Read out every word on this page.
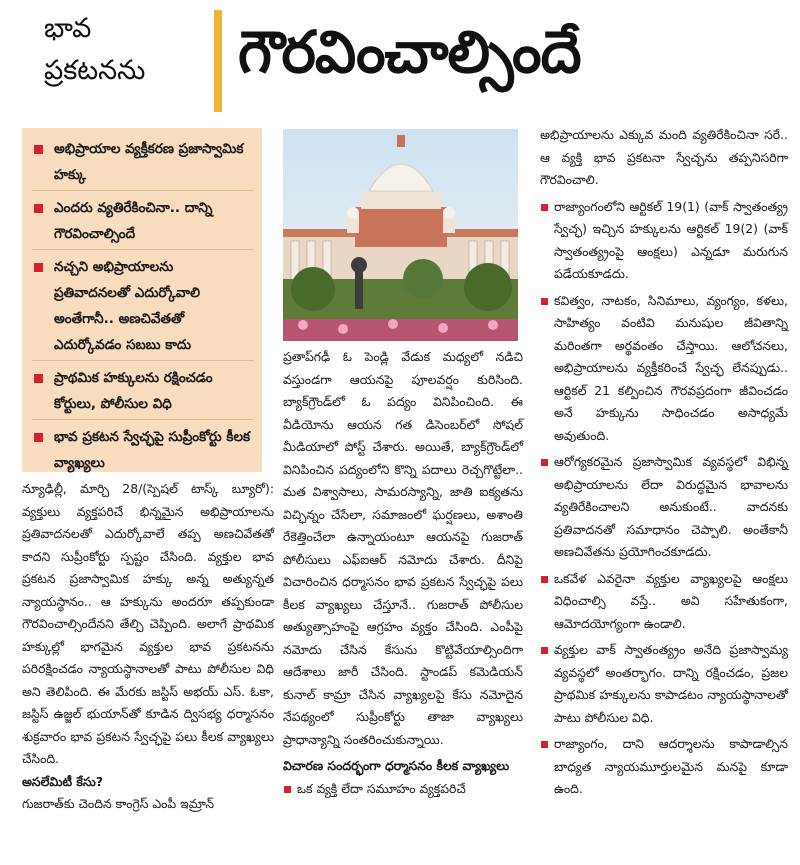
భావ
ప్రకటనను	గౌరవించాల్సిందే
అభిప్రాయాల వ్యక్తీకరణ ప్రజాస్వామిక హక్కు
ఎందరు వ్యతిరేకించినా.. దాన్ని గౌరవించాల్సిందే
నచ్చని అభిప్రాయాలను ప్రతివాదనలతో ఎదుర్కోవాలి అంతేగానీ.. అణచివేతతో ఎదుర్కోవడం సబబు కాదు
ప్రాథమిక హక్కులను రక్షించడం కోర్టులు, పోలీసుల విధి
భావ ప్రకటన స్వేచ్ఛపై సుప్రీంకోర్టు కీలక వ్యాఖ్యలు

న్యూఢిల్లీ, మార్చి 28/(స్పెషల్ టాస్క్ బ్యూరో): వ్యక్తులు వ్యక్తపరిచే భిన్నమైన అభిప్రాయాలను ప్రతివాదనలతో ఎదుర్కోవాలే తప్ప అణచివేతతో కాదని సుప్రీంకోర్టు స్పష్టం చేసింది. వ్యక్తుల భావ ప్రకటన ప్రజాస్వామిక హక్కు అన్న అత్యున్నత న్యాయస్థానం.. ఆ హక్కును అందరూ తప్పకుండా గౌరవించాల్సిందేనని తేల్చి చెప్పింది. అలాగే ప్రాథమిక హక్కుల్లో భాగమైన వ్యక్తుల భావ ప్రకటనను పరిరక్షించడం న్యాయస్థానాలతో పాటు పోలీసుల విధి అని తెలిపింది. ఈ మేరకు జస్టిస్ అభయ్ ఎస్. ఓకా, జస్టిస్ ఉజ్జల్ భుయాన్‌తో కూడిన ద్విసభ్య ధర్మాసనం శుక్రవారం భావ ప్రకటన స్వేచ్ఛపై పలు కీలక వ్యాఖ్యలు చేసింది.

అసలేమిటీ కేసు?

గుజరాత్‌కు చెందిన కాంగ్రెస్ ఎంపీ ఇమ్రాన్

ప్రతాప్‌గఢీ ఓ పెండ్లి వేడుక మధ్యలో నడిచి వస్తుండగా ఆయనపై పూలవర్షం కురిసింది. బ్యాక్‌గ్రౌండ్‌లో ఓ పద్యం వినిపించింది. ఈ వీడియోను ఆయన గత డిసెంబర్‌లో సోషల్ మీడియాలో పోస్ట్ చేశారు. అయితే, బ్యాక్‌గ్రౌండ్‌లో వినిపించిన పద్యంలోని కొన్ని పదాలు రెచ్చగొట్టేలా.. మత విశ్వాసాలు, సామరస్యాన్ని, జాతి ఐక్యతను విచ్ఛిన్నం చేసేలా, సమాజంలో ఘర్షణలు, అశాంతి రేకెత్తించేలా ఉన్నాయంటూ ఆయనపై గుజరాత్ పోలీసులు ఎఫ్‌ఐఆర్ నమోదు చేశారు. దీనిపై విచారించిన ధర్మాసనం భావ ప్రకటన స్వేచ్ఛపై పలు కీలక వ్యాఖ్యలు చేస్తూనే.. గుజరాత్ పోలీసుల అత్యుత్సాహంపై ఆగ్రహం వ్యక్తం చేసింది. ఎంపీపై నమోదు చేసిన కేసును కొట్టివేయాల్సిందిగా ఆదేశాలు జారీ చేసింది. స్టాండప్ కమెడియన్ కునాల్ కామ్రా చేసిన వ్యాఖ్యలపై కేసు నమోదైన నేపథ్యంలో సుప్రీంకోర్టు తాజా వ్యాఖ్యలు ప్రాధాన్యాన్ని సంతరించుకున్నాయి.

విచారణ సందర్భంగా ధర్మాసనం కీలక వ్యాఖ్యలు

ఒక వ్యక్తి లేదా సమూహం వ్యక్తపరిచే

అభిప్రాయాలను ఎక్కువ మంది వ్యతిరేకించినా సరే.. ఆ వ్యక్తి భావ ప్రకటనా స్వేచ్ఛను తప్పనిసరిగా గౌరవించాలి.

రాజ్యాంగంలోని ఆర్టికల్ 19(1) (వాక్ స్వాతంత్య్ర స్వేచ్ఛ) ఇచ్చిన హక్కులను ఆర్టికల్ 19(2) (వాక్ స్వాతంత్య్రంపై ఆంక్షలు) ఎన్నడూ మరుగున పడేయకూడదు.

కవిత్వం, నాటకం, సినిమాలు, వ్యంగ్యం, కళలు, సాహిత్యం వంటివి మనుషుల జీవితాన్ని మరింతగా అర్థవంతం చేస్తాయి. ఆలోచనలు, అభిప్రాయాలను వ్యక్తీకరించే స్వేచ్ఛ లేనప్పుడు.. ఆర్టికల్ 21 కల్పించిన గౌరవప్రదంగా జీవించడం అనే హక్కును సాధించడం అసాధ్యమే అవుతుంది.

ఆరోగ్యకరమైన ప్రజాస్వామిక వ్యవస్థలో విభిన్న అభిప్రాయాలను లేదా విరుద్ధమైన భావాలను వ్యతిరేకించాలని అనుకుంటే.. వాదనకు ప్రతివాదనతో సమాధానం చెప్పాలి. అంతేకానీ అణచివేతను ప్రయోగించకూడదు.

ఒకవేళ ఎవరైనా వ్యక్తుల వ్యాఖ్యలపై ఆంక్షలు విధించాల్సి వస్తే.. అవి సహేతుకంగా, ఆమోదయోగ్యంగా ఉండాలి.

వ్యక్తుల వాక్ స్వాతంత్య్రం అనేది ప్రజాస్వామ్య వ్యవస్థలో అంతర్భాగం. దాన్ని రక్షించడం, ప్రజల ప్రాథమిక హక్కులను కాపాడటం న్యాయస్థానాలతో పాటు పోలీసుల విధి.

రాజ్యాంగం, దాని ఆదర్శాలను కాపాడాల్సిన బాధ్యత న్యాయమూర్తులమైన మనపై కూడా ఉంది.
